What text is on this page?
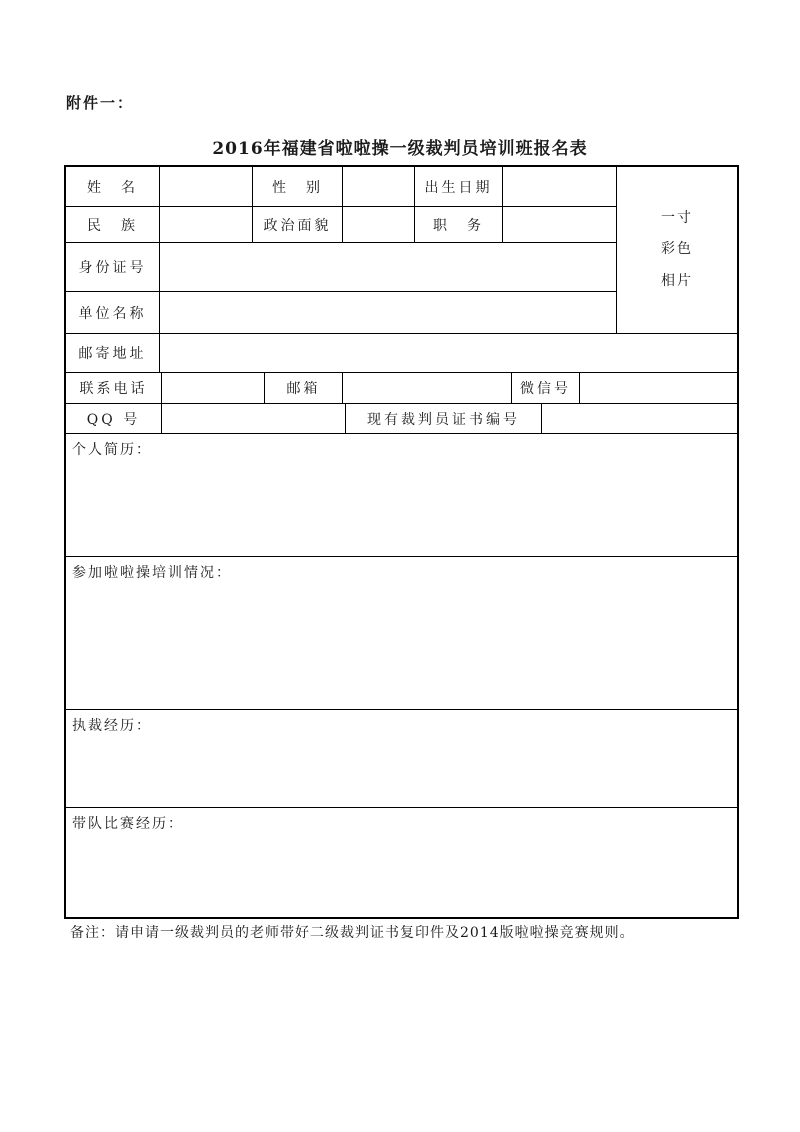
附件一：
2016年福建省啦啦操一级裁判员培训班报名表
姓　名	性　别	出生日期
一寸
彩色
相片
民　族	政治面貌	职　务
身份证号
单位名称
邮寄地址
联系电话	邮箱	微信号
QQ 号	现有裁判员证书编号
个人简历：
参加啦啦操培训情况：
执裁经历：
带队比赛经历：
备注：请申请一级裁判员的老师带好二级裁判证书复印件及2014版啦啦操竞赛规则。
